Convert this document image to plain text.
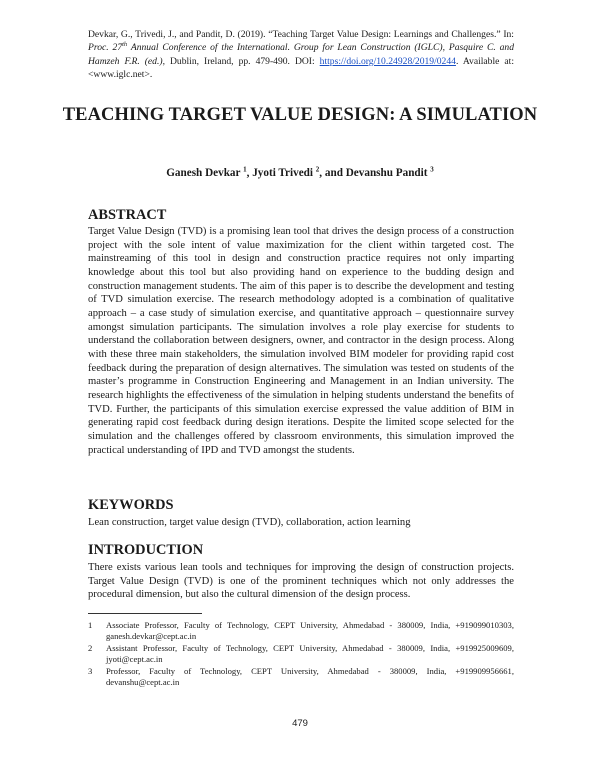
Devkar, G., Trivedi, J., and Pandit, D. (2019). “Teaching Target Value Design: Learnings and Challenges.” In: Proc. 27th Annual Conference of the International. Group for Lean Construction (IGLC), Pasquire C. and Hamzeh F.R. (ed.), Dublin, Ireland, pp. 479-490. DOI: https://doi.org/10.24928/2019/0244. Available at: <www.iglc.net>.
TEACHING TARGET VALUE DESIGN: A SIMULATION
Ganesh Devkar $^1$, Jyoti Trivedi $^2$, and Devanshu Pandit $^3$
ABSTRACT

Target Value Design (TVD) is a promising lean tool that drives the design process of a construction project with the sole intent of value maximization for the client within targeted cost. The mainstreaming of this tool in design and construction practice requires not only imparting knowledge about this tool but also providing hand on experience to the budding design and construction management students. The aim of this paper is to describe the development and testing of TVD simulation exercise. The research methodology adopted is a combination of qualitative approach – a case study of simulation exercise, and quantitative approach – questionnaire survey amongst simulation participants. The simulation involves a role play exercise for students to understand the collaboration between designers, owner, and contractor in the design process. Along with these three main stakeholders, the simulation involved BIM modeler for providing rapid cost feedback during the preparation of design alternatives. The simulation was tested on students of the master’s programme in Construction Engineering and Management in an Indian university. The research highlights the effectiveness of the simulation in helping students understand the benefits of TVD. Further, the participants of this simulation exercise expressed the value addition of BIM in generating rapid cost feedback during design iterations. Despite the limited scope selected for the simulation and the challenges offered by classroom environments, this simulation improved the practical understanding of IPD and TVD amongst the students.

KEYWORDS

Lean construction, target value design (TVD), collaboration, action learning

INTRODUCTION

There exists various lean tools and techniques for improving the design of construction projects. Target Value Design (TVD) is one of the prominent techniques which not only addresses the procedural dimension, but also the cultural dimension of the design process.

1	Associate Professor, Faculty of Technology, CEPT University, Ahmedabad - 380009, India, +919099010303, ganesh.devkar@cept.ac.in
2	Assistant Professor, Faculty of Technology, CEPT University, Ahmedabad - 380009, India, +919925009609, jyoti@cept.ac.in
3	Professor, Faculty of Technology, CEPT University, Ahmedabad - 380009, India, +919909956661, devanshu@cept.ac.in
479
